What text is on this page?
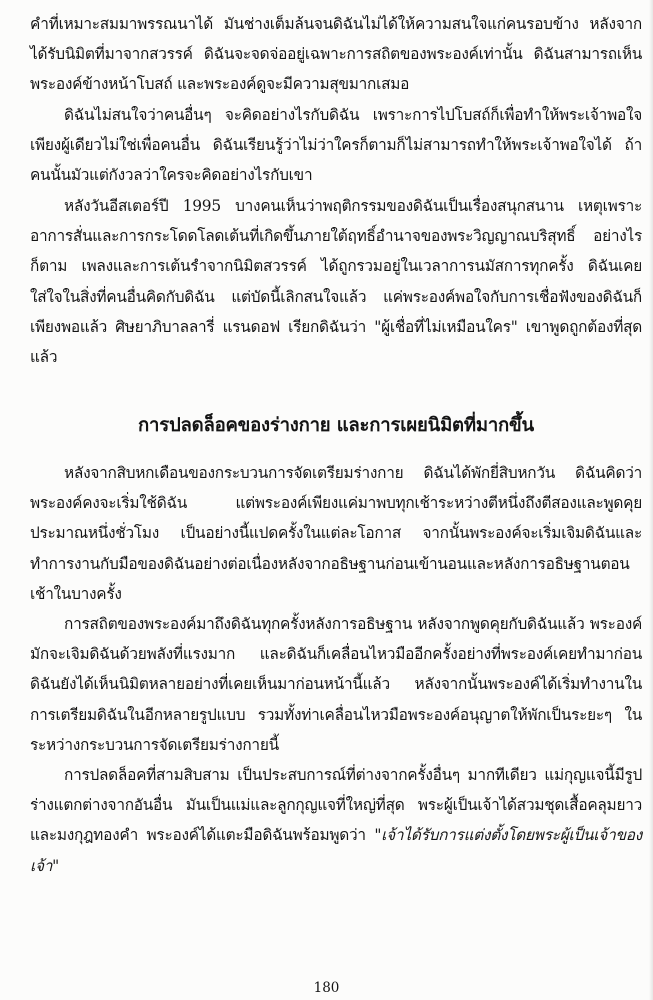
คำที่เหมาะสมมาพรรณนาได้ มันช่างเต็มล้นจนดิฉันไม่ได้ให้ความสนใจแก่คนรอบข้าง หลังจากได้รับนิมิตที่มาจากสวรรค์ ดิฉันจะจดจ่ออยู่เฉพาะการสถิตของพระองค์เท่านั้น ดิฉันสามารถเห็นพระองค์ข้างหน้าโบสถ์ และพระองค์ดูจะมีความสุขมากเสมอ

ดิฉันไม่สนใจว่าคนอื่นๆ จะคิดอย่างไรกับดิฉัน เพราะการไปโบสถ์ก็เพื่อทำให้พระเจ้าพอใจเพียงผู้เดียวไม่ใช่เพื่อคนอื่น ดิฉันเรียนรู้ว่าไม่ว่าใครก็ตามก็ไม่สามารถทำให้พระเจ้าพอใจได้ ถ้าคนนั้นมัวแต่กังวลว่าใครจะคิดอย่างไรกับเขา

หลังวันอีสเตอร์ปี 1995 บางคนเห็นว่าพฤติกรรมของดิฉันเป็นเรื่องสนุกสนาน เหตุเพราะอาการสั่นและการกระโดดโลดเต้นที่เกิดขึ้นภายใต้ฤทธิ์อำนาจของพระวิญญาณบริสุทธิ์ อย่างไรก็ตาม เพลงและการเต้นรำจากนิมิตสวรรค์ ได้ถูกรวมอยู่ในเวลาการนมัสการทุกครั้ง ดิฉันเคยใส่ใจในสิ่งที่คนอื่นคิดกับดิฉัน แต่บัดนี้เลิกสนใจแล้ว แค่พระองค์พอใจกับการเชื่อฟังของดิฉันก็เพียงพอแล้ว ศิษยาภิบาลลารี่ แรนดอฟ เรียกดิฉันว่า "ผู้เชื่อที่ไม่เหมือนใคร" เขาพูดถูกต้องที่สุดแล้ว

การปลดล็อคของร่างกาย และการเผยนิมิตที่มากขึ้น

หลังจากสิบหกเดือนของกระบวนการจัดเตรียมร่างกาย ดิฉันได้พักยี่สิบหกวัน ดิฉันคิดว่า พระองค์คงจะเริ่มใช้ดิฉัน แต่พระองค์เพียงแค่มาพบทุกเช้าระหว่างตีหนึ่งถึงตีสองและพูดคุยประมาณหนึ่งชั่วโมง เป็นอย่างนี้แปดครั้งในแต่ละโอกาส จากนั้นพระองค์จะเริ่มเจิมดิฉันและทำการงานกับมือของดิฉันอย่างต่อเนื่องหลังจากอธิษฐานก่อนเข้านอนและหลังการอธิษฐานตอนเช้าในบางครั้ง

การสถิตของพระองค์มาถึงดิฉันทุกครั้งหลังการอธิษฐาน หลังจากพูดคุยกับดิฉันแล้ว พระองค์มักจะเจิมดิฉันด้วยพลังที่แรงมาก และดิฉันก็เคลื่อนไหวมืออีกครั้งอย่างที่พระองค์เคยทำมาก่อน ดิฉันยังได้เห็นนิมิตหลายอย่างที่เคยเห็นมาก่อนหน้านี้แล้ว หลังจากนั้นพระองค์ได้เริ่มทำงานในการเตรียมดิฉันในอีกหลายรูปแบบ รวมทั้งท่าเคลื่อนไหวมือพระองค์อนุญาตให้พักเป็นระยะๆ ในระหว่างกระบวนการจัดเตรียมร่างกายนี้

การปลดล็อคที่สามสิบสาม เป็นประสบการณ์ที่ต่างจากครั้งอื่นๆ มากทีเดียว แม่กุญแจนี้มีรูปร่างแตกต่างจากอันอื่น มันเป็นแม่และลูกกุญแจที่ใหญ่ที่สุด พระผู้เป็นเจ้าได้สวมชุดเสื้อคลุมยาวและมงกุฎทองคำ พระองค์ได้แตะมือดิฉันพร้อมพูดว่า "เจ้าได้รับการแต่งตั้งโดยพระผู้เป็นเจ้าของเจ้า"

180
